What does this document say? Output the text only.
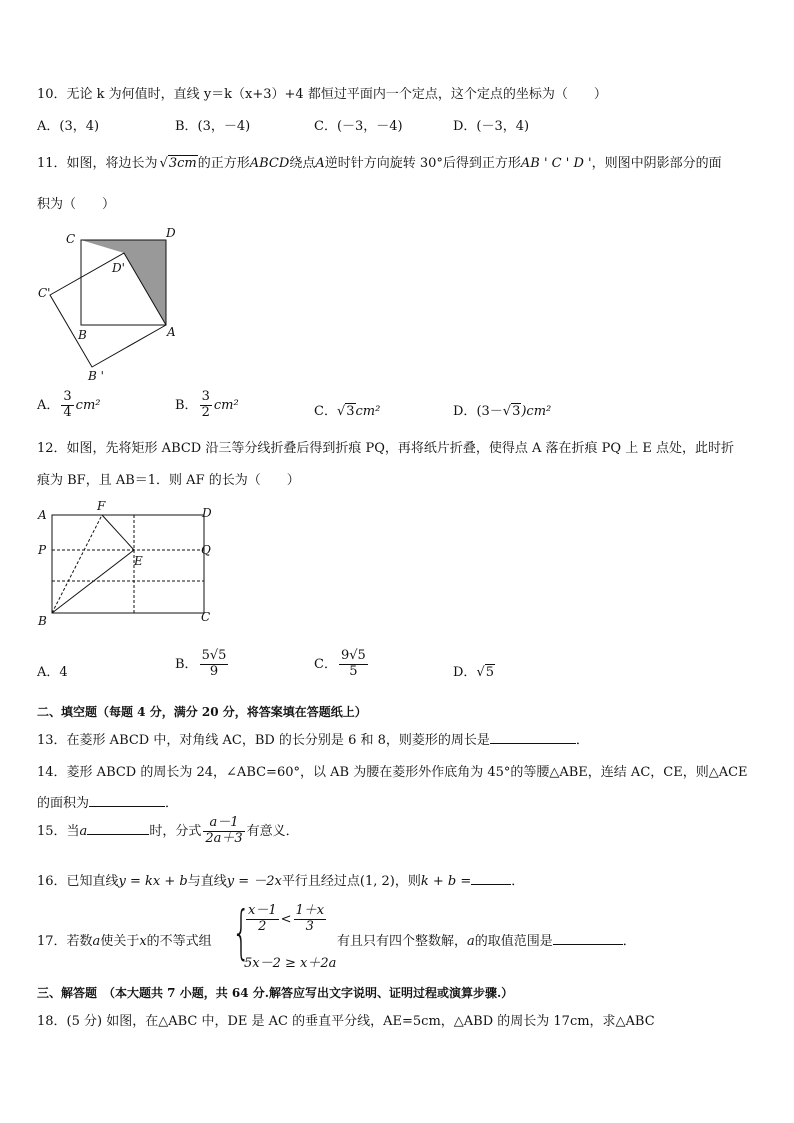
10．无论 k 为何值时，直线 y＝k（x+3）+4 都恒过平面内一个定点，这个定点的坐标为（　　）
A．(3，4)	B．(3，－4)	C．(－3，－4)	D．(－3，4)
11．如图，将边长为 √3cm的正方形ABCD绕点A逆时针方向旋转 30°后得到正方形AB ' C ' D '，则图中阴影部分的面
积为（　　）
C	D
D'
C'
B	A
B '
A． $\frac{3}{4} cm^2$	B． $\frac{3}{2} cm^2$	C．√3cm²	D．(3－√3)cm²
12．如图，先将矩形 ABCD 沿三等分线折叠后得到折痕 PQ，再将纸片折叠，使得点 A 落在折痕 PQ 上 E 点处，此时折
痕为 BF，且 AB＝1．则 AF 的长为（　　）
A
F	D
P	Q
E
B	C
A．4
B． $\frac{5√5}{9}$	C． $\frac{9√5}{5}$	D．√5
二、填空题（每题 4 分，满分 20 分，将答案填在答题纸上）
13．在菱形 ABCD 中，对角线 AC，BD 的长分别是 6 和 8，则菱形的周长是	．
14．菱形 ABCD 的周长为 24，∠ABC=60°，以 AB 为腰在菱形外作底角为 45°的等腰△ABE，连结 AC，CE，则△ACE
的面积为	．
15．当a	时，分式 $\frac{a-1}{2a+3}$ 有意义．
16．已知直线y = kx + b与直线y = －2x平行且经过点(1, 2)，则k + b =	．
17．若数a使关于x的不等式组 {
$\frac{x-1}{2} < \frac{1+x}{3}$
5x－2 ≥ x＋2a
有且只有四个整数解，a的取值范围是	．
三、解答题　（本大题共 7 小题，共 64 分.解答应写出文字说明、证明过程或演算步骤.）
18．(5 分) 如图，在△ABC 中，DE 是 AC 的垂直平分线，AE=5cm，△ABD 的周长为 17cm，求△ABC
